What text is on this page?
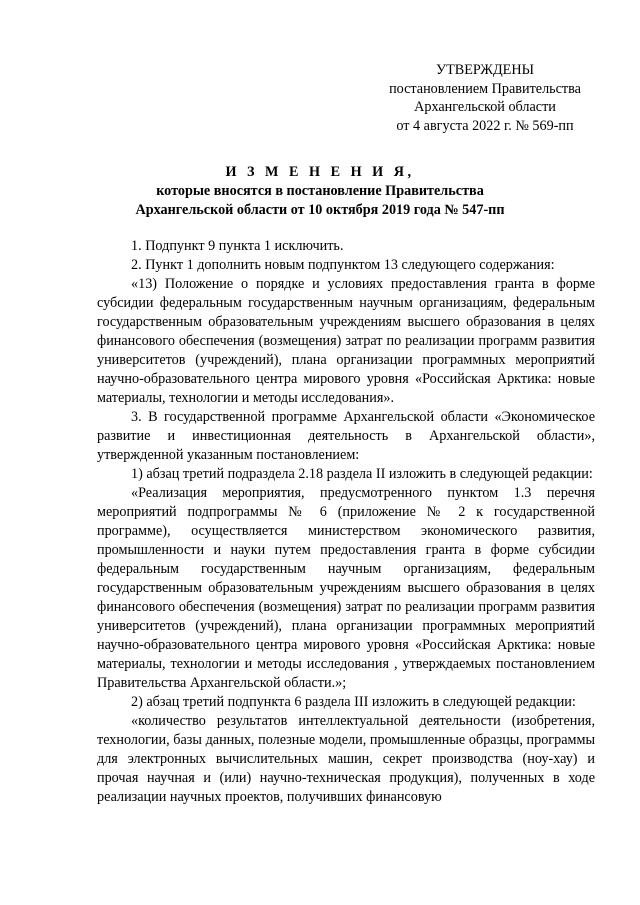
УТВЕРЖДЕНЫ
постановлением Правительства
Архангельской области
от 4 августа 2022 г. № 569-пп
И З М Е Н Е Н И Я,
которые вносятся в постановление Правительства
Архангельской области от 10 октября 2019 года № 547-пп

1. Подпункт 9 пункта 1 исключить.

2. Пункт 1 дополнить новым подпунктом 13 следующего содержания:

«13) Положение о порядке и условиях предоставления гранта в форме субсидии федеральным государственным научным организациям, федеральным государственным образовательным учреждениям высшего образования в целях финансового обеспечения (возмещения) затрат по реализации программ развития университетов (учреждений), плана организации программных мероприятий научно-образовательного центра мирового уровня «Российская Арктика: новые материалы, технологии и методы исследования».

3. В государственной программе Архангельской области «Экономическое развитие и инвестиционная деятельность в Архангельской области», утвержденной указанным постановлением:

1) абзац третий подраздела 2.18 раздела II изложить в следующей редакции:

«Реализация мероприятия, предусмотренного пунктом 1.3 перечня мероприятий подпрограммы № 6 (приложение № 2 к государственной программе), осуществляется министерством экономического развития, промышленности и науки путем предоставления гранта в форме субсидии федеральным государственным научным организациям, федеральным государственным образовательным учреждениям высшего образования в целях финансового обеспечения (возмещения) затрат по реализации программ развития университетов (учреждений), плана организации программных мероприятий научно-образовательного центра мирового уровня «Российская Арктика: новые материалы, технологии и методы исследования , утверждаемых постановлением Правительства Архангельской области.»;

2) абзац третий подпункта 6 раздела III изложить в следующей редакции:

«количество результатов интеллектуальной деятельности (изобретения, технологии, базы данных, полезные модели, промышленные образцы, программы для электронных вычислительных машин, секрет производства (ноу-хау) и прочая научная и (или) научно-техническая продукция), полученных в ходе реализации научных проектов, получивших финансовую
